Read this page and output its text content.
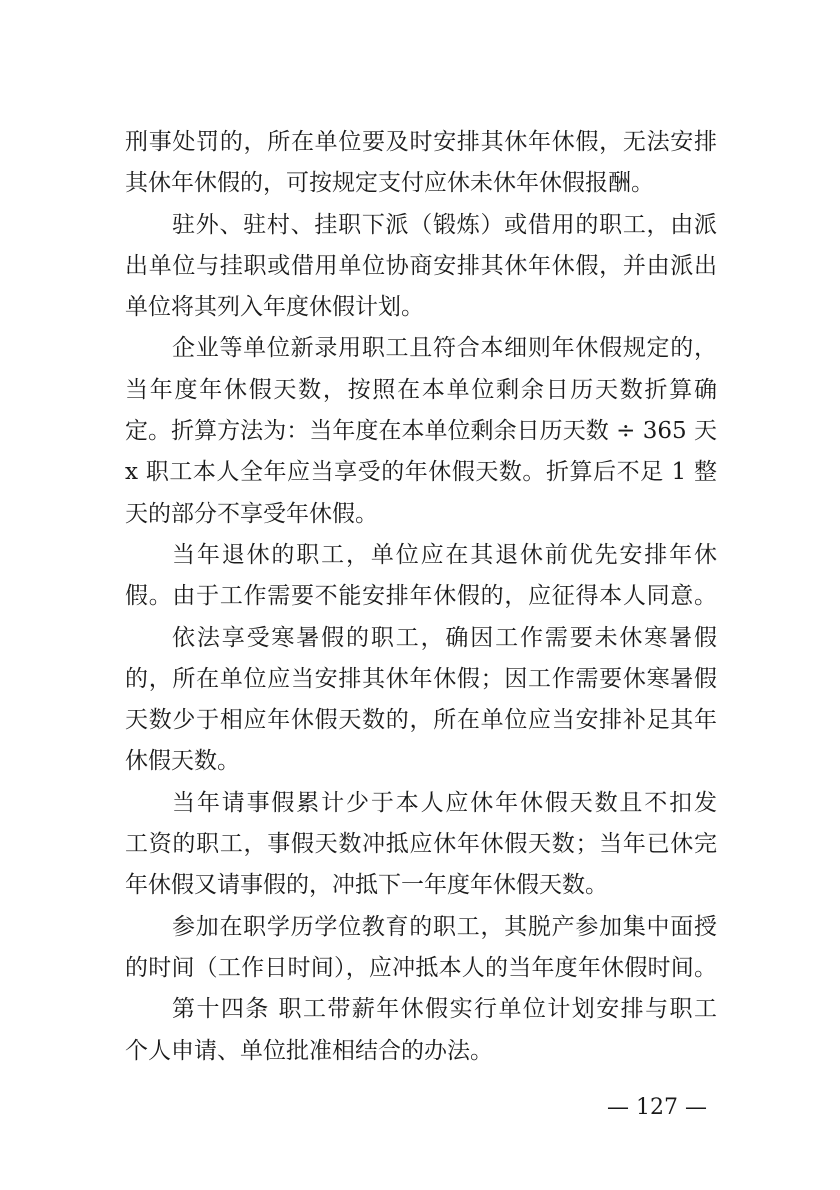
刑事处罚的，所在单位要及时安排其休年休假，无法安排
其休年休假的，可按规定支付应休未休年休假报酬。
驻外、驻村、挂职下派（锻炼）或借用的职工，由派
出单位与挂职或借用单位协商安排其休年休假，并由派出
单位将其列入年度休假计划。
企业等单位新录用职工且符合本细则年休假规定的，
当年度年休假天数，按照在本单位剩余日历天数折算确
定。折算方法为：当年度在本单位剩余日历天数 ÷ 365 天
x 职工本人全年应当享受的年休假天数。折算后不足 1 整
天的部分不享受年休假。
当年退休的职工，单位应在其退休前优先安排年休
假。由于工作需要不能安排年休假的，应征得本人同意。
依法享受寒暑假的职工，确因工作需要未休寒暑假
的，所在单位应当安排其休年休假；因工作需要休寒暑假
天数少于相应年休假天数的，所在单位应当安排补足其年
休假天数。
当年请事假累计少于本人应休年休假天数且不扣发
工资的职工，事假天数冲抵应休年休假天数；当年已休完
年休假又请事假的，冲抵下一年度年休假天数。
参加在职学历学位教育的职工，其脱产参加集中面授
的时间（工作日时间），应冲抵本人的当年度年休假时间。
第十四条 职工带薪年休假实行单位计划安排与职工
个人申请、单位批准相结合的办法。
— 127 —
